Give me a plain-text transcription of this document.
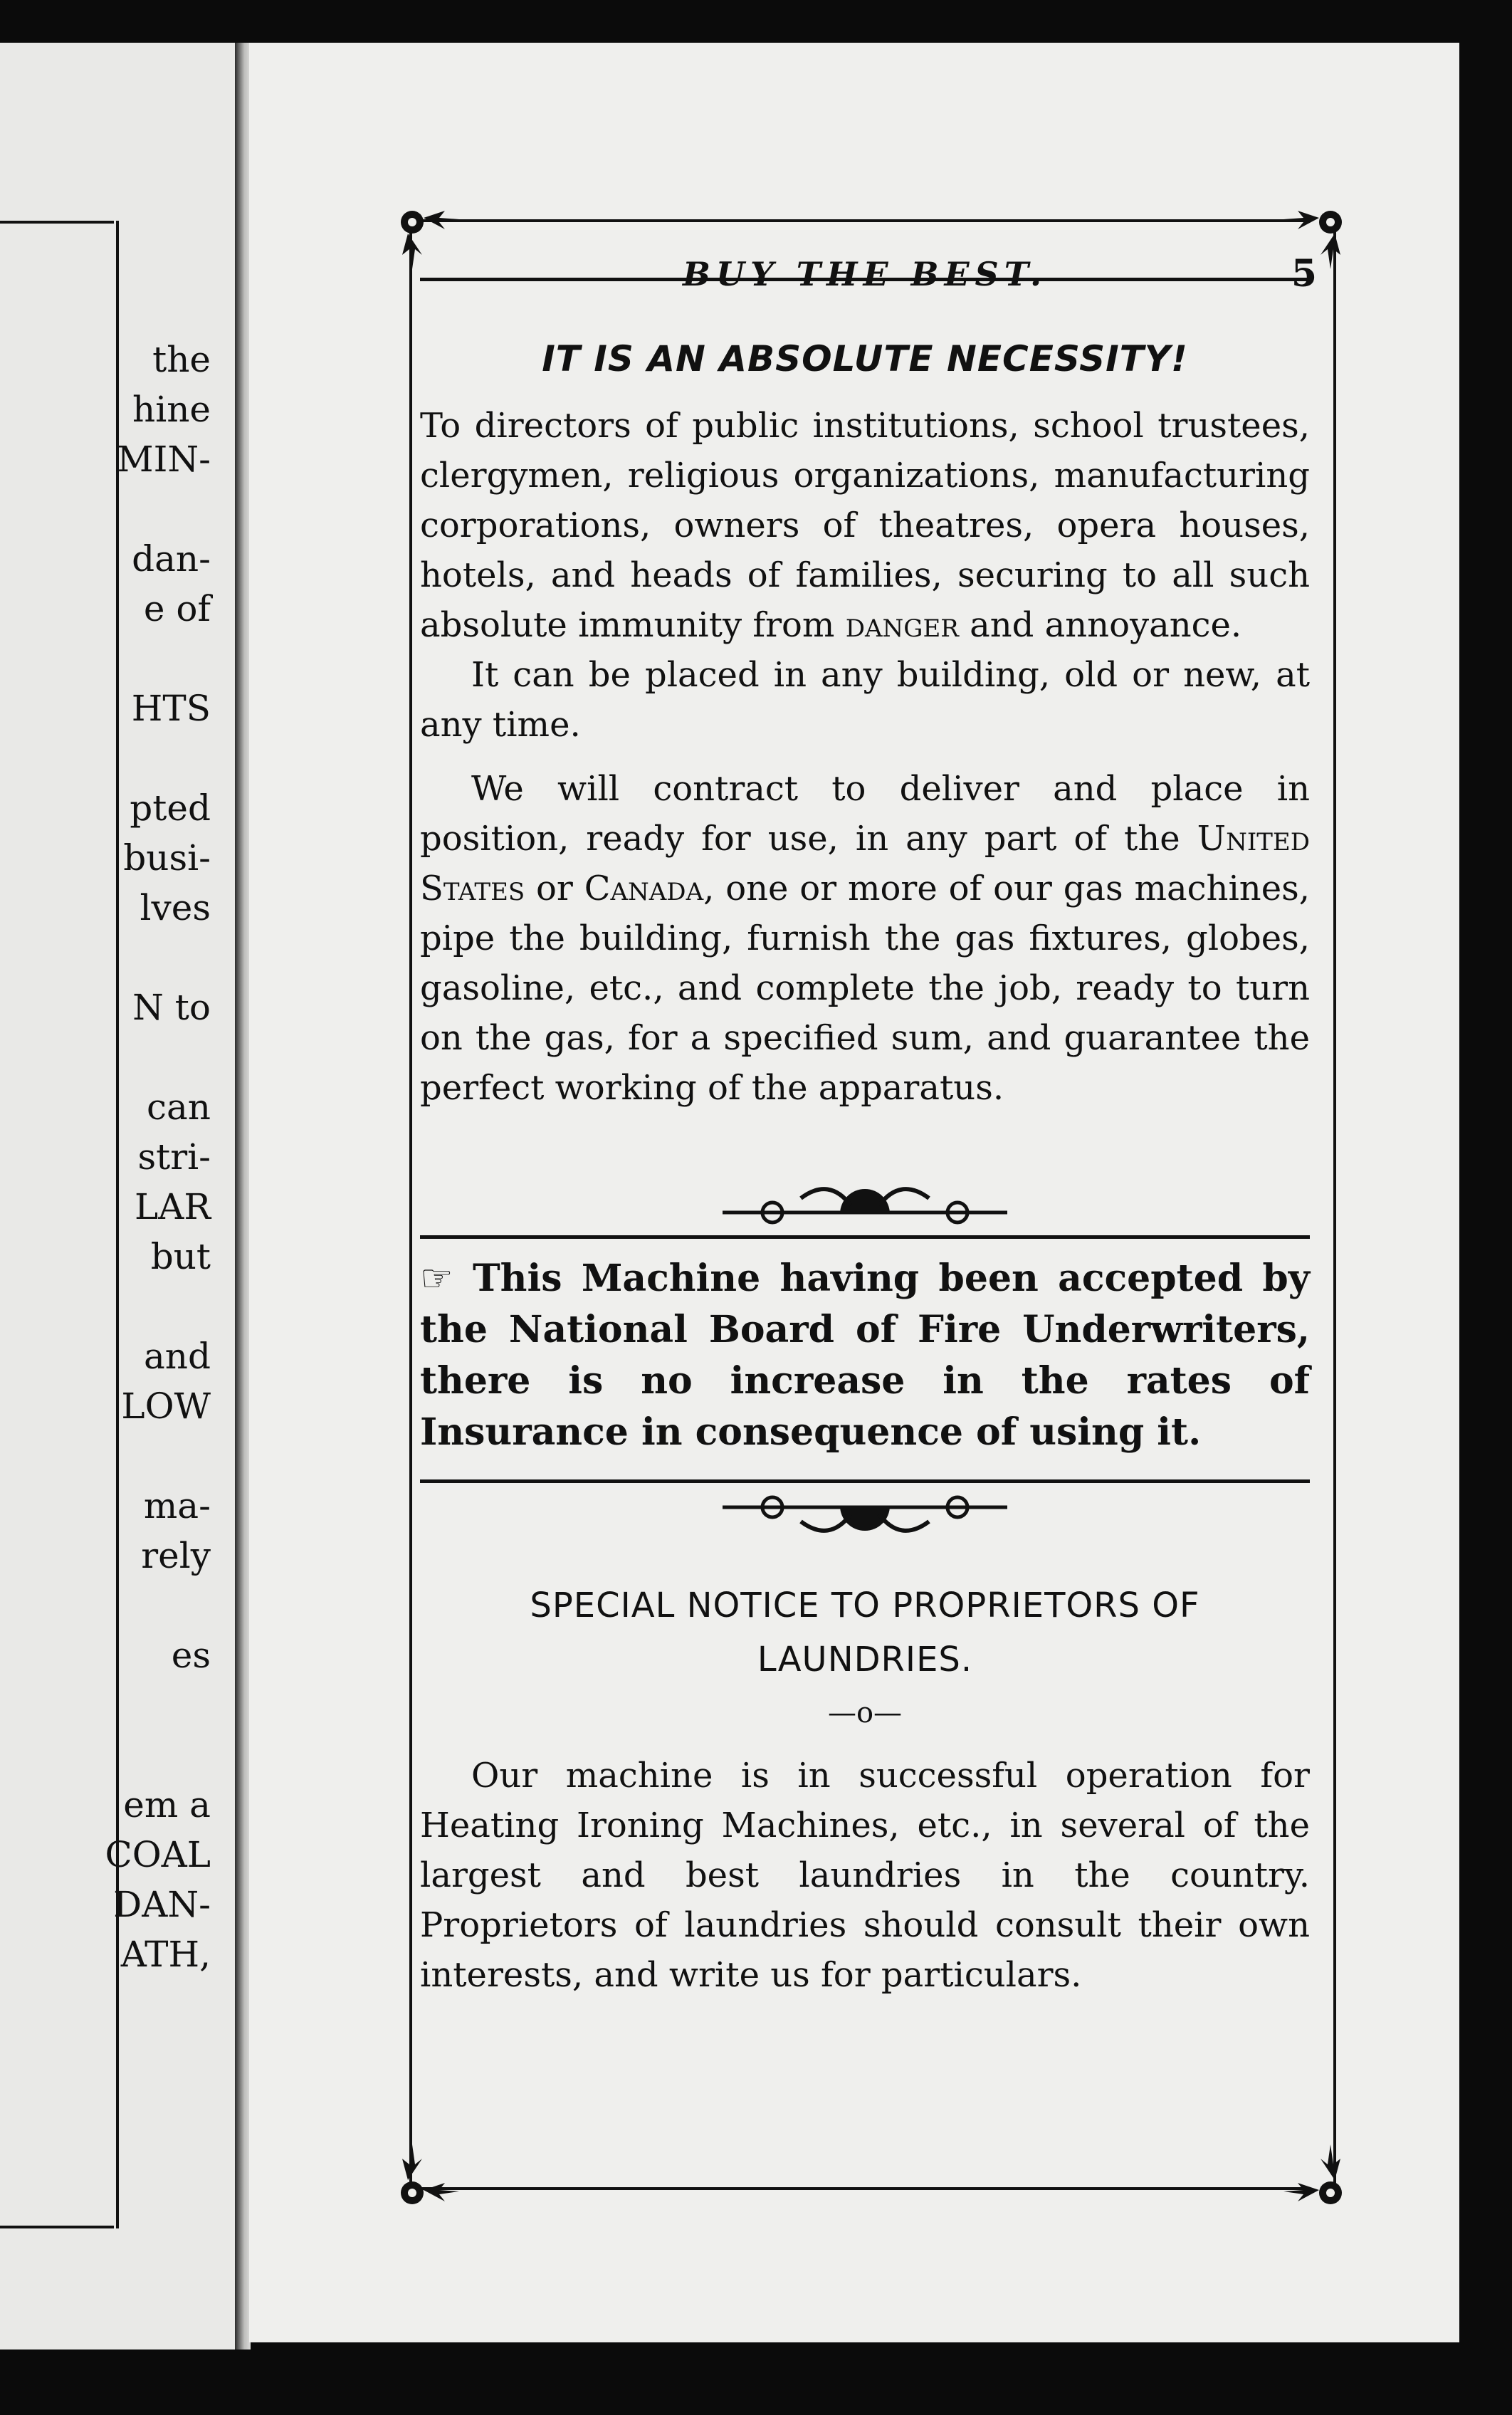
the
hine
MIN-
dan-
e of
HTS
pted
busi-
lves
N to
can
stri-
LAR
but
and
LOW
ma-
rely
es
em a
COAL
DAN-
ATH,
BUY THE BEST.	5
IT IS AN ABSOLUTE NECESSITY!

To directors of public institutions, school trustees, clergymen, religious organizations, manufacturing corporations, owners of theatres, opera houses, hotels, and heads of families, securing to all such absolute immunity from danger and annoyance.

It can be placed in any building, old or new, at any time.

We will contract to deliver and place in position, ready for use, in any part of the United States or Canada, one or more of our gas machines, pipe the building, furnish the gas fixtures, globes, gasoline, etc., and complete the job, ready to turn on the gas, for a specified sum, and guarantee the perfect working of the apparatus.

☞ This Machine having been accepted by the National Board of Fire Underwriters, there is no increase in the rates of Insurance in consequence of using it.

SPECIAL NOTICE TO PROPRIETORS OF

LAUNDRIES.

—o—

Our machine is in successful operation for Heating Ironing Machines, etc., in several of the largest and best laundries in the country. Proprietors of laundries should consult their own interests, and write us for particulars.
